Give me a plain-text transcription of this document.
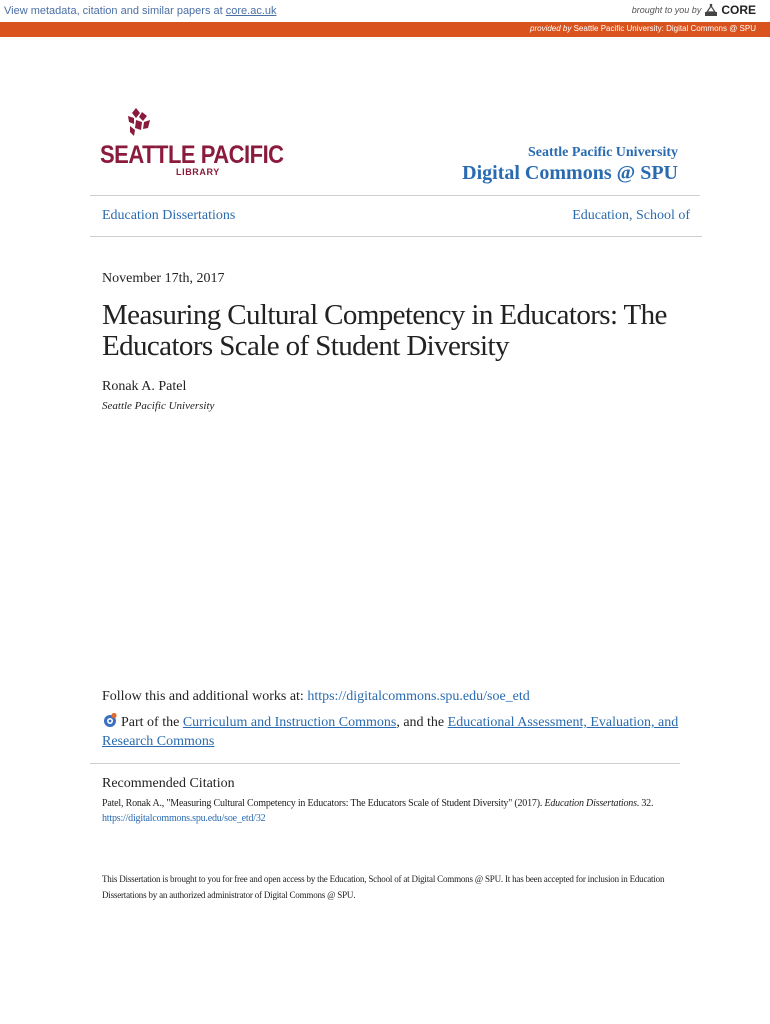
View metadata, citation and similar papers at core.ac.uk	brought to you by CORE
provided by Seattle Pacific University: Digital Commons @ SPU
SEATTLE PACIFIC
LIBRARY
Seattle Pacific University
Digital Commons @ SPU
Education Dissertations	Education, School of
November 17th, 2017
Measuring Cultural Competency in Educators: The Educators Scale of Student Diversity
Ronak A. Patel
Seattle Pacific University
Follow this and additional works at: https://digitalcommons.spu.edu/soe_etd
Part of the Curriculum and Instruction Commons, and the Educational Assessment, Evaluation, and Research Commons
Recommended Citation
Patel, Ronak A., "Measuring Cultural Competency in Educators: The Educators Scale of Student Diversity" (2017). Education Dissertations. 32.
https://digitalcommons.spu.edu/soe_etd/32
This Dissertation is brought to you for free and open access by the Education, School of at Digital Commons @ SPU. It has been accepted for inclusion in Education Dissertations by an authorized administrator of Digital Commons @ SPU.
